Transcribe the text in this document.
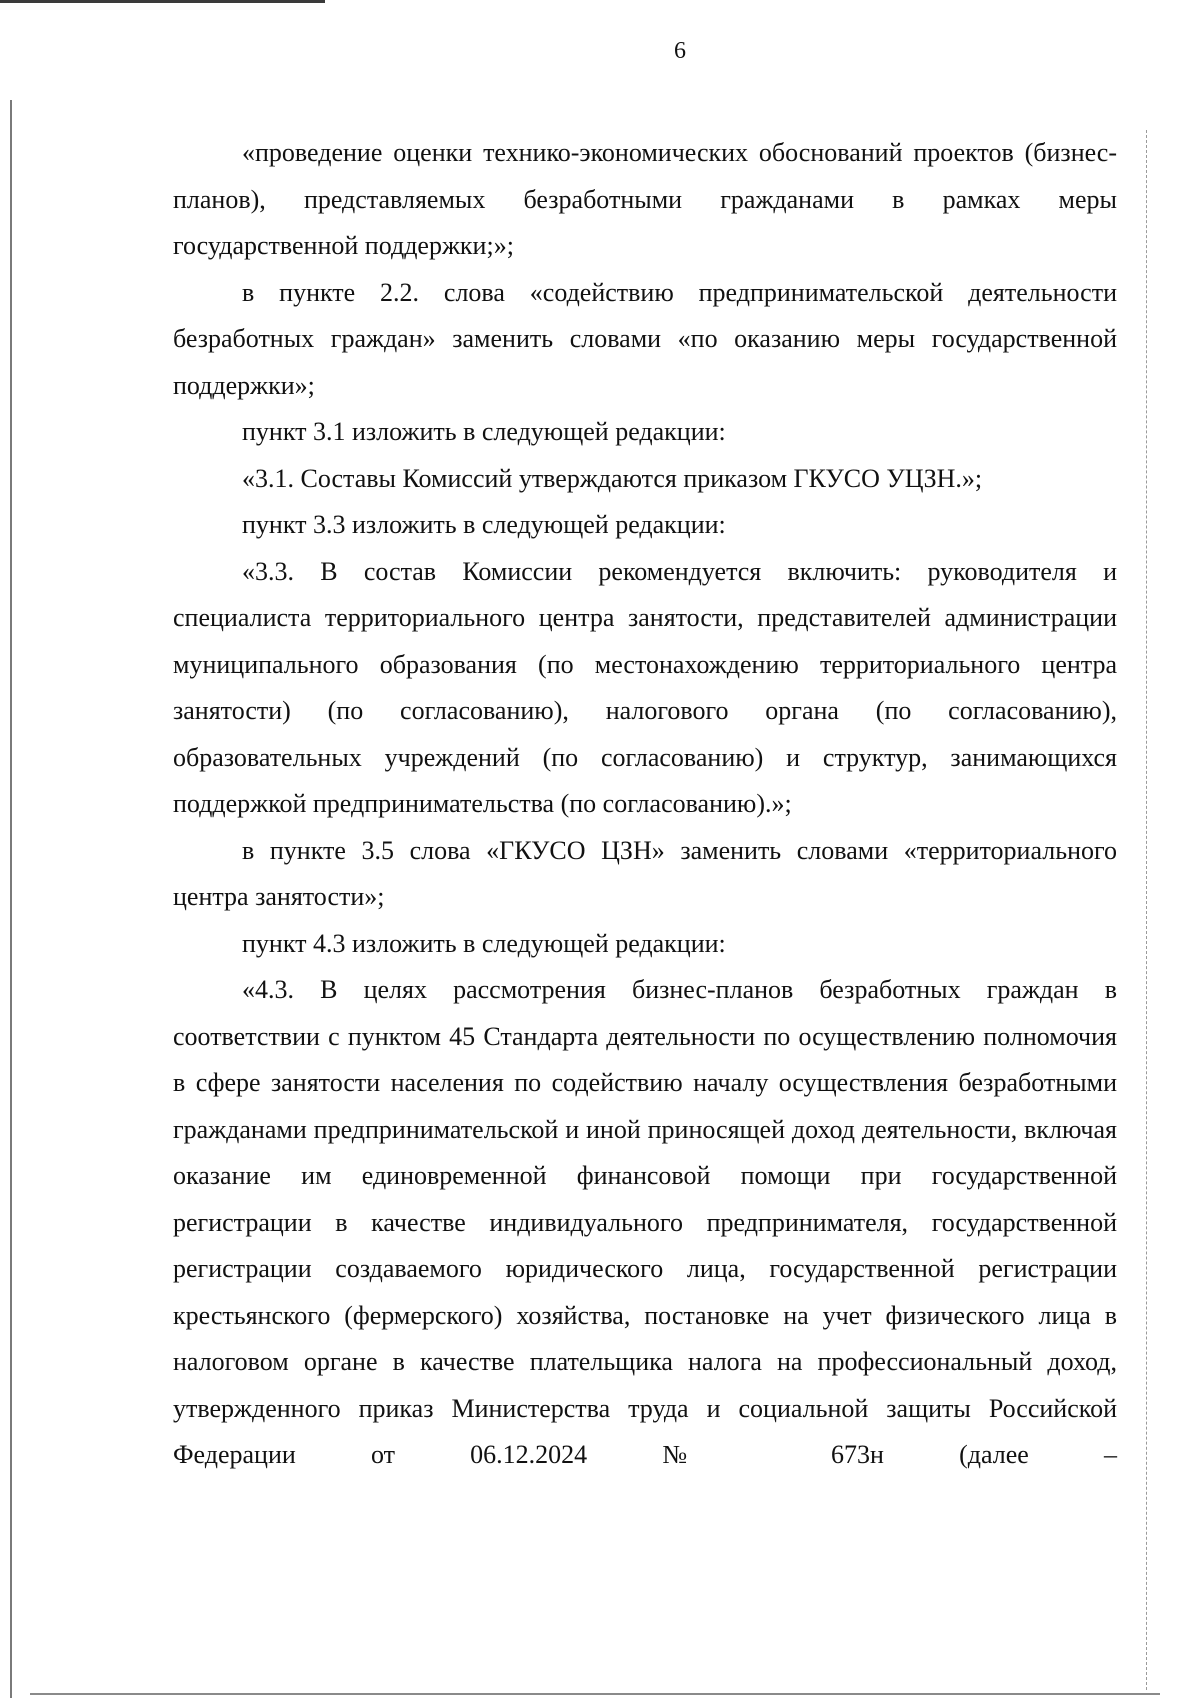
6

«проведение оценки технико-экономических обоснований проектов (бизнес-планов), представляемых безработными гражданами в рамках меры государственной поддержки;»;

в пункте 2.2. слова «содействию предпринимательской деятельности безработных граждан» заменить словами «по оказанию меры государственной поддержки»;

пункт 3.1 изложить в следующей редакции:

«3.1. Составы Комиссий утверждаются приказом ГКУСО УЦЗН.»;

пункт 3.3 изложить в следующей редакции:

«3.3. В состав Комиссии рекомендуется включить: руководителя и специалиста территориального центра занятости, представителей администрации муниципального образования (по местонахождению территориального центра занятости) (по согласованию), налогового органа (по согласованию), образовательных учреждений (по согласованию) и структур, занимающихся поддержкой предпринимательства (по согласованию).»;

в пункте 3.5 слова «ГКУСО ЦЗН» заменить словами «территориального центра занятости»;

пункт 4.3 изложить в следующей редакции:

«4.3. В целях рассмотрения бизнес-планов безработных граждан в соответствии с пунктом 45 Стандарта деятельности по осуществлению полномочия в сфере занятости населения по содействию началу осуществления безработными гражданами предпринимательской и иной приносящей доход деятельности, включая оказание им единовременной финансовой помощи при государственной регистрации в качестве индивидуального предпринимателя, государственной регистрации создаваемого юридического лица, государственной регистрации крестьянского (фермерского) хозяйства, постановке на учет физического лица в налоговом органе в качестве плательщика налога на профессиональный доход, утвержденного приказ Министерства труда и социальной защиты Российской Федерации от 06.12.2024 № 673н (далее –
